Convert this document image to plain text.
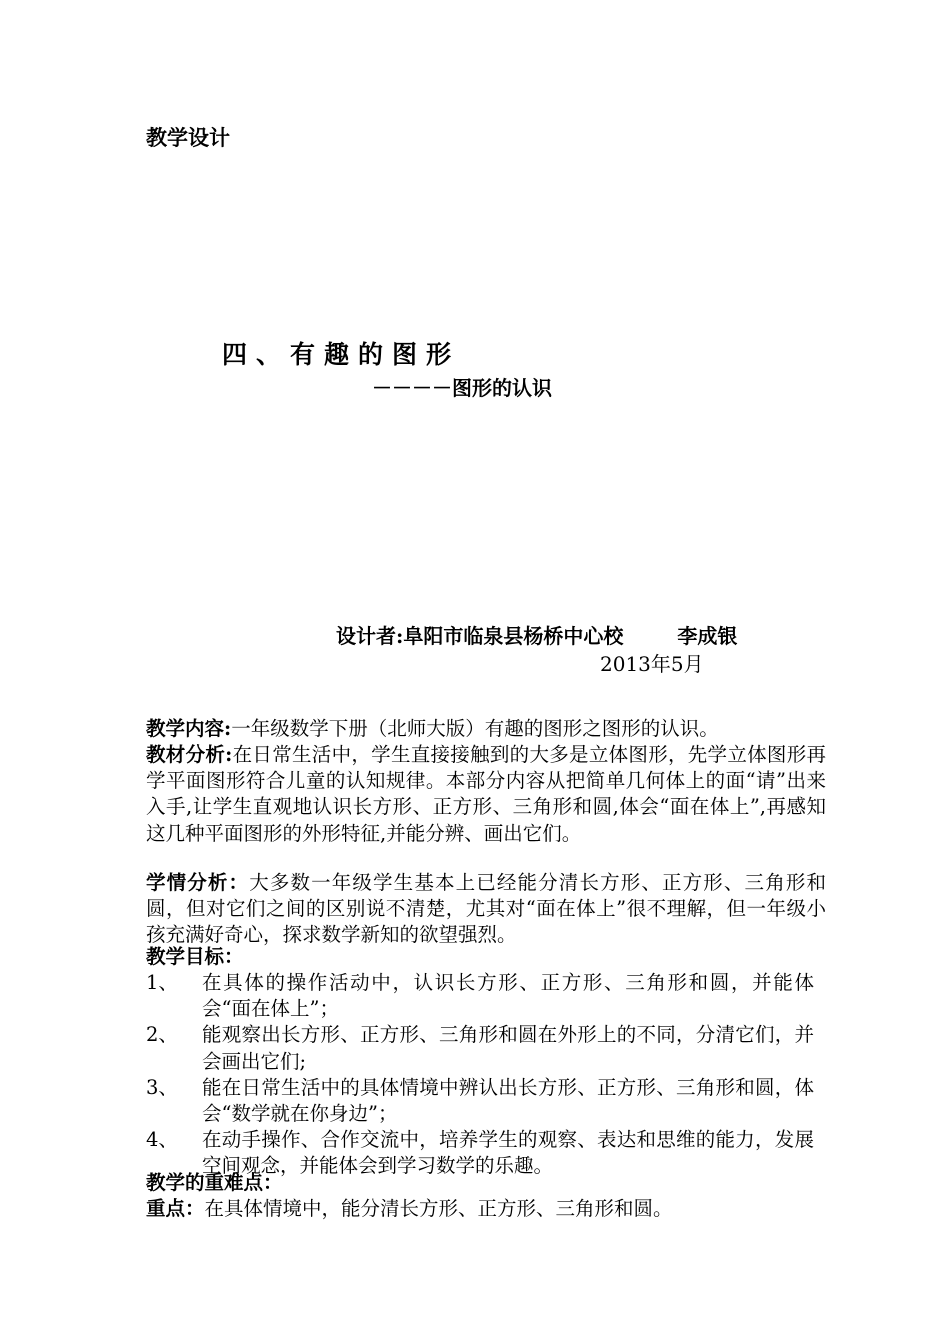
教学设计
四、有趣的图形
－－－－图形的认识
设计者:阜阳市临泉县杨桥中心校	李成银
2013年5月
教学内容:一年级数学下册（北师大版）有趣的图形之图形的认识。
教材分析:在日常生活中，学生直接接触到的大多是立体图形，先学立体图形再学平面图形符合儿童的认知规律。本部分内容从把简单几何体上的面“请”出来入手,让学生直观地认识长方形、正方形、三角形和圆,体会“面在体上”,再感知这几种平面图形的外形特征,并能分辨、画出它们。
学情分析：大多数一年级学生基本上已经能分清长方形、正方形、三角形和圆，但对它们之间的区别说不清楚，尤其对“面在体上”很不理解，但一年级小孩充满好奇心，探求数学新知的欲望强烈。
教学目标：
1、	在具体的操作活动中，认识长方形、正方形、三角形和圆，并能体会“面在体上”；
2、	能观察出长方形、正方形、三角形和圆在外形上的不同，分清它们，并会画出它们;
3、	能在日常生活中的具体情境中辨认出长方形、正方形、三角形和圆，体会“数学就在你身边”；
4、	在动手操作、合作交流中，培养学生的观察、表达和思维的能力，发展空间观念，并能体会到学习数学的乐趣。
教学的重难点：
重点：在具体情境中，能分清长方形、正方形、三角形和圆。
